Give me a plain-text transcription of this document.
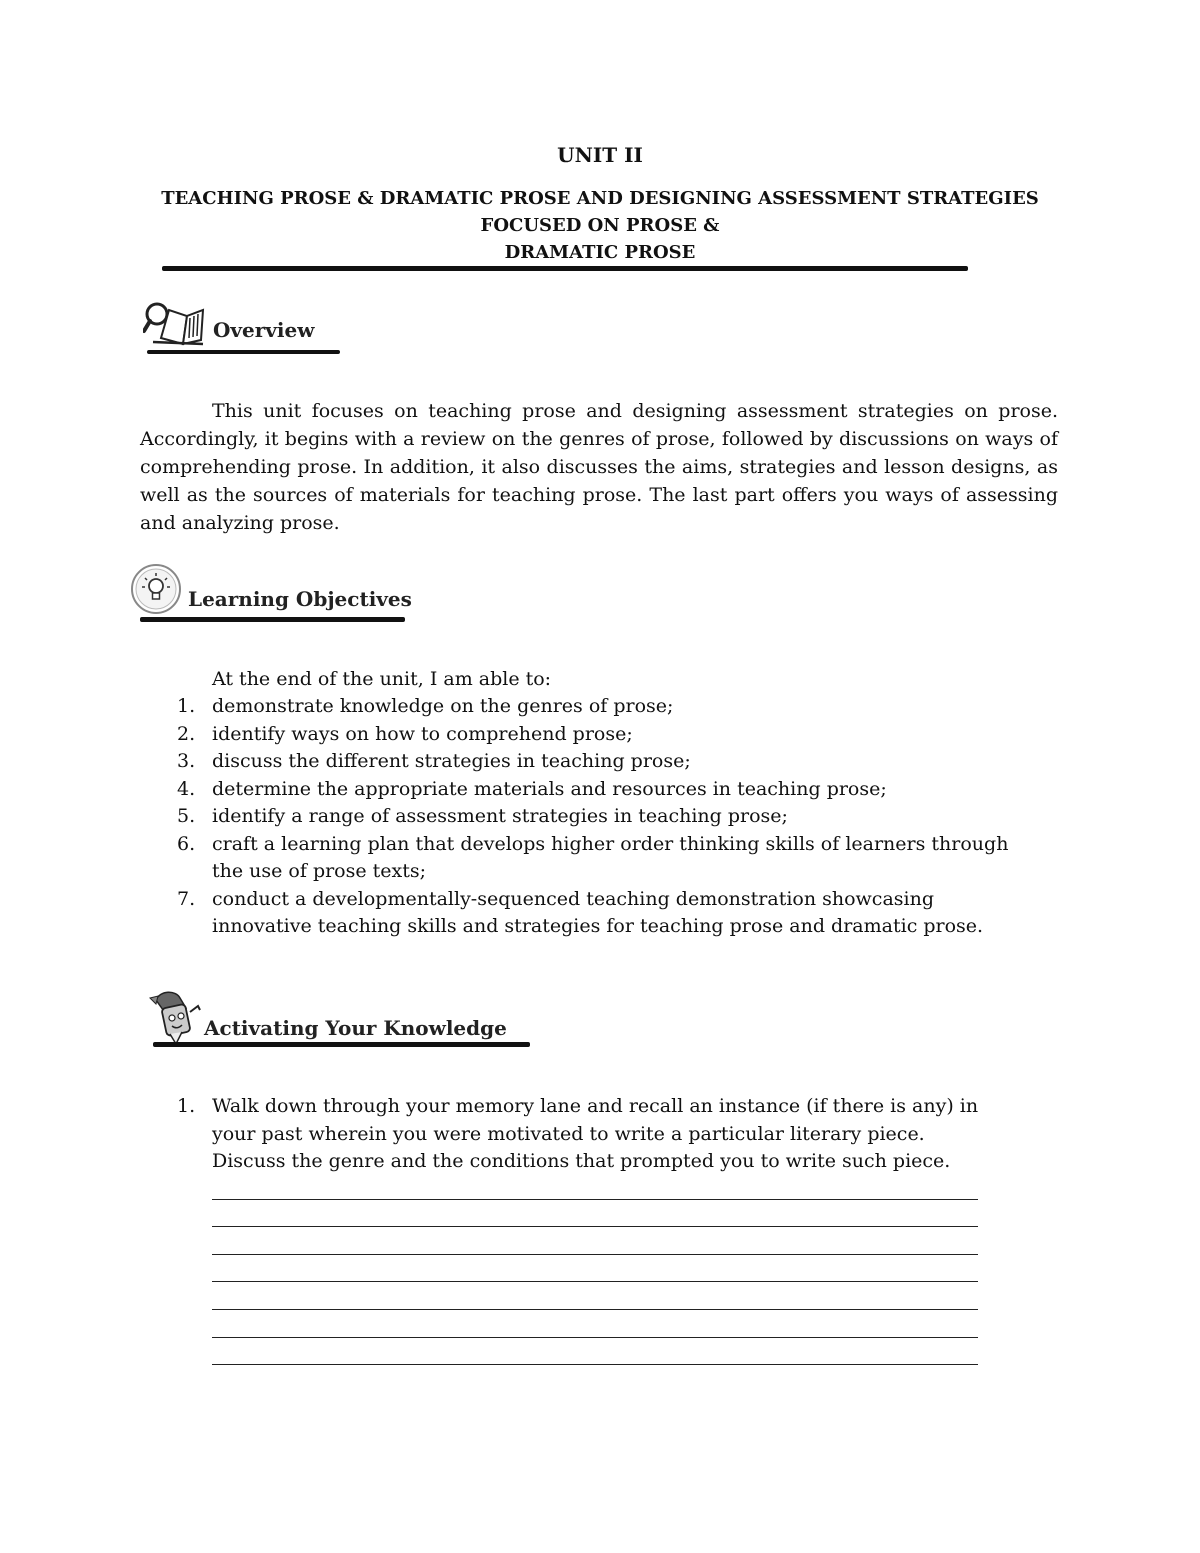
UNIT II
TEACHING PROSE & DRAMATIC PROSE AND DESIGNING ASSESSMENT STRATEGIES
FOCUSED ON PROSE &
DRAMATIC PROSE
Overview
This unit focuses on teaching prose and designing assessment strategies on prose. Accordingly, it begins with a review on the genres of prose, followed by discussions on ways of comprehending prose. In addition, it also discusses the aims, strategies and lesson designs, as well as the sources of materials for teaching prose. The last part offers you ways of assessing and analyzing prose.
Learning Objectives
At the end of the unit, I am able to:
1. demonstrate knowledge on the genres of prose;
2. identify ways on how to comprehend prose;
3. discuss the different strategies in teaching prose;
4. determine the appropriate materials and resources in teaching prose;
5. identify a range of assessment strategies in teaching prose;
6. craft a learning plan that develops higher order thinking skills of learners through the use of prose texts;
7. conduct a developmentally-sequenced teaching demonstration showcasing innovative teaching skills and strategies for teaching prose and dramatic prose.
Activating Your Knowledge
1. Walk down through your memory lane and recall an instance (if there is any) in your past wherein you were motivated to write a particular literary piece.
Discuss the genre and the conditions that prompted you to write such piece.
